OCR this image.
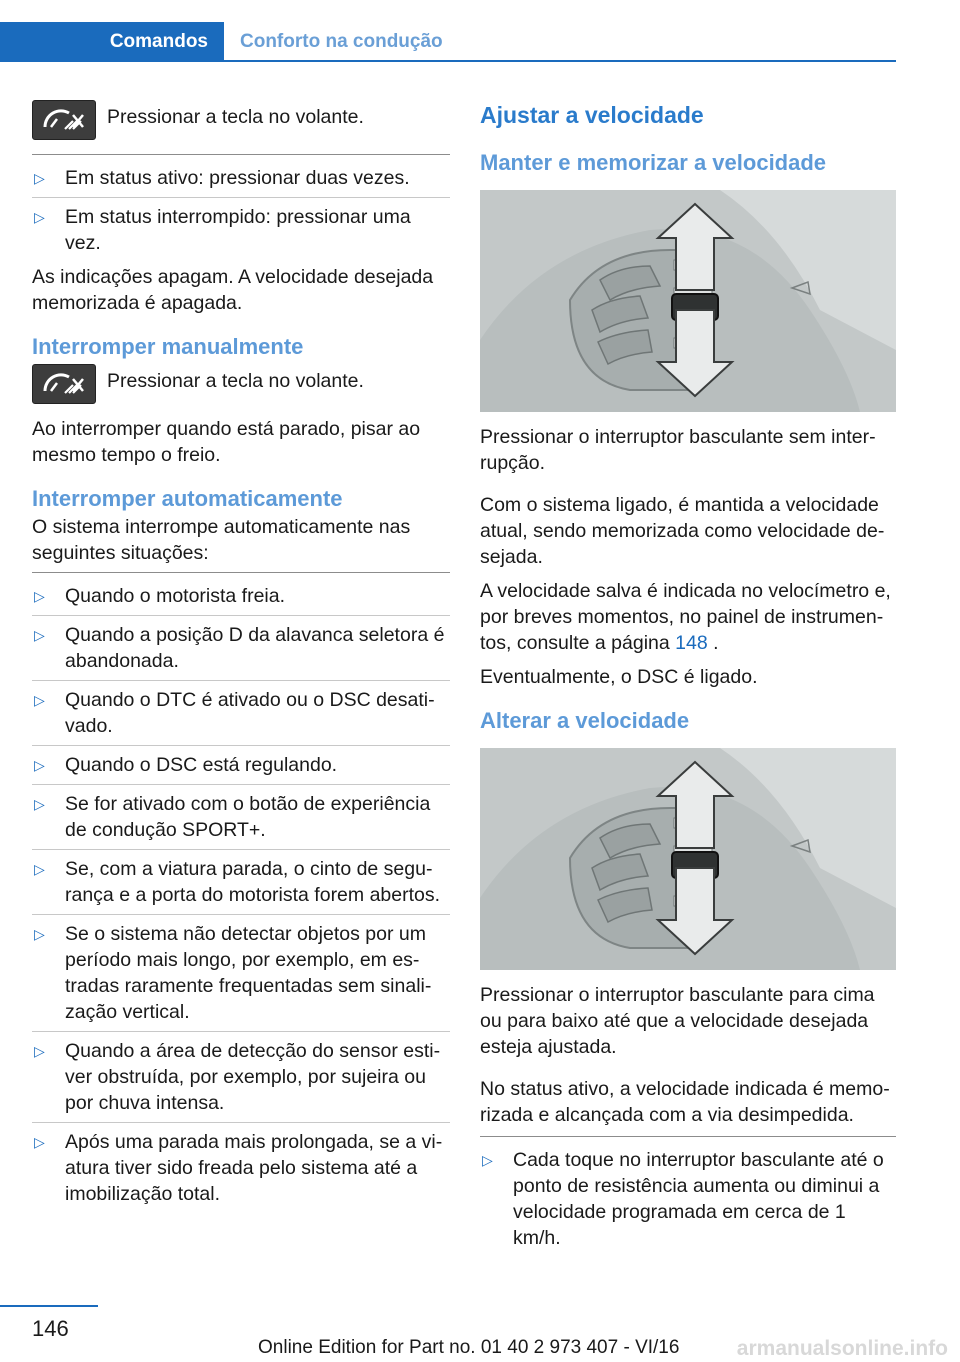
Comandos	Conforto na condução

Pressionar a tecla no volante.

▷	Em status ativo: pressionar duas vezes.
▷	Em status interrompido: pressionar uma vez.

As indicações apagam. A velocidade desejada memorizada é apagada.

Interromper manualmente

Pressionar a tecla no volante.

Ao interromper quando está parado, pisar ao mesmo tempo o freio.

Interromper automaticamente

O sistema interrompe automaticamente nas seguintes situações:

▷	Quando o motorista freia.
▷	Quando a posição D da alavanca seletora é abandonada.
▷	Quando o DTC é ativado ou o DSC desati‐vado.
▷	Quando o DSC está regulando.
▷	Se for ativado com o botão de experiência de condução SPORT+.
▷	Se, com a viatura parada, o cinto de segu‐rança e a porta do motorista forem abertos.
▷	Se o sistema não detectar objetos por um período mais longo, por exemplo, em es‐tradas raramente frequentadas sem sinali‐zação vertical.
▷	Quando a área de detecção do sensor esti‐ver obstruída, por exemplo, por sujeira ou por chuva intensa.
▷	Após uma parada mais prolongada, se a vi‐atura tiver sido freada pelo sistema até a imobilização total.
Ajustar a velocidade
Manter e memorizar a velocidade

Pressionar o interruptor basculante sem inter‐rupção.

Com o sistema ligado, é mantida a velocidade atual, sendo memorizada como velocidade de‐sejada.

A velocidade salva é indicada no velocímetro e, por breves momentos, no painel de instrumen‐tos, consulte a página 148 .

Eventualmente, o DSC é ligado.

Alterar a velocidade

Pressionar o interruptor basculante para cima ou para baixo até que a velocidade desejada esteja ajustada.

No status ativo, a velocidade indicada é memo‐rizada e alcançada com a via desimpedida.

▷	Cada toque no interruptor basculante até o ponto de resistência aumenta ou diminui a velocidade programada em cerca de 1 km/h.
146
Online Edition for Part no. 01 40 2 973 407 - VI/16	armanualsonline.info
